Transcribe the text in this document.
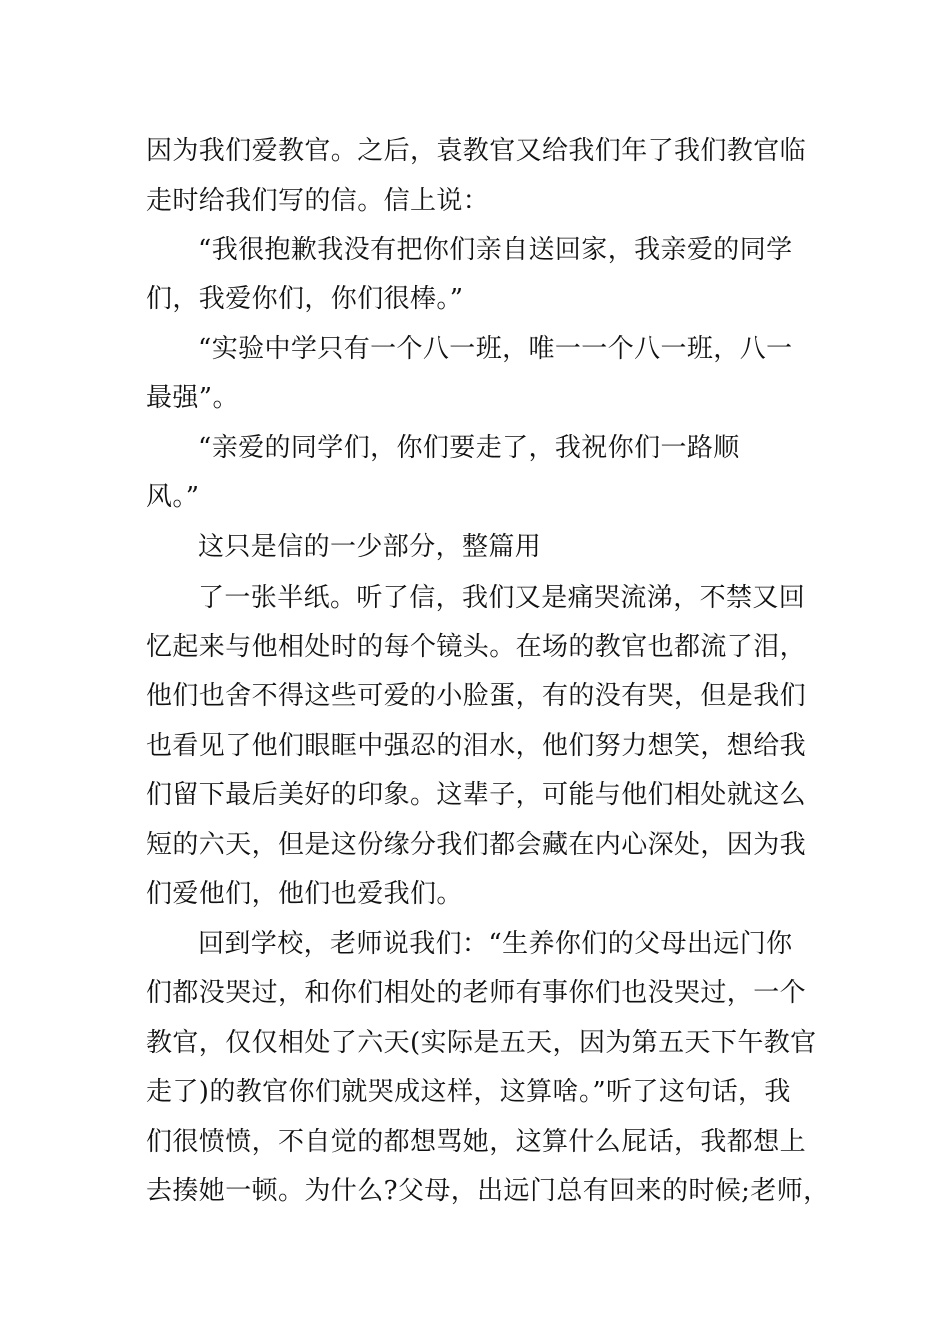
因为我们爱教官。之后，袁教官又给我们年了我们教官临
走时给我们写的信。信上说：
“我很抱歉我没有把你们亲自送回家，我亲爱的同学
们，我爱你们，你们很棒。”
“实验中学只有一个八一班，唯一一个八一班，八一
最强”。
“亲爱的同学们，你们要走了，我祝你们一路顺
风。”
这只是信的一少部分，整篇用
了一张半纸。听了信，我们又是痛哭流涕，不禁又回
忆起来与他相处时的每个镜头。在场的教官也都流了泪，
他们也舍不得这些可爱的小脸蛋，有的没有哭，但是我们
也看见了他们眼眶中强忍的泪水，他们努力想笑，想给我
们留下最后美好的印象。这辈子，可能与他们相处就这么
短的六天，但是这份缘分我们都会藏在内心深处，因为我
们爱他们，他们也爱我们。
回到学校，老师说我们：“生养你们的父母出远门你
们都没哭过，和你们相处的老师有事你们也没哭过，一个
教官，仅仅相处了六天(实际是五天，因为第五天下午教官
走了)的教官你们就哭成这样，这算啥。”听了这句话，我
们很愤愤，不自觉的都想骂她，这算什么屁话，我都想上
去揍她一顿。为什么?父母，出远门总有回来的时候;老师，
